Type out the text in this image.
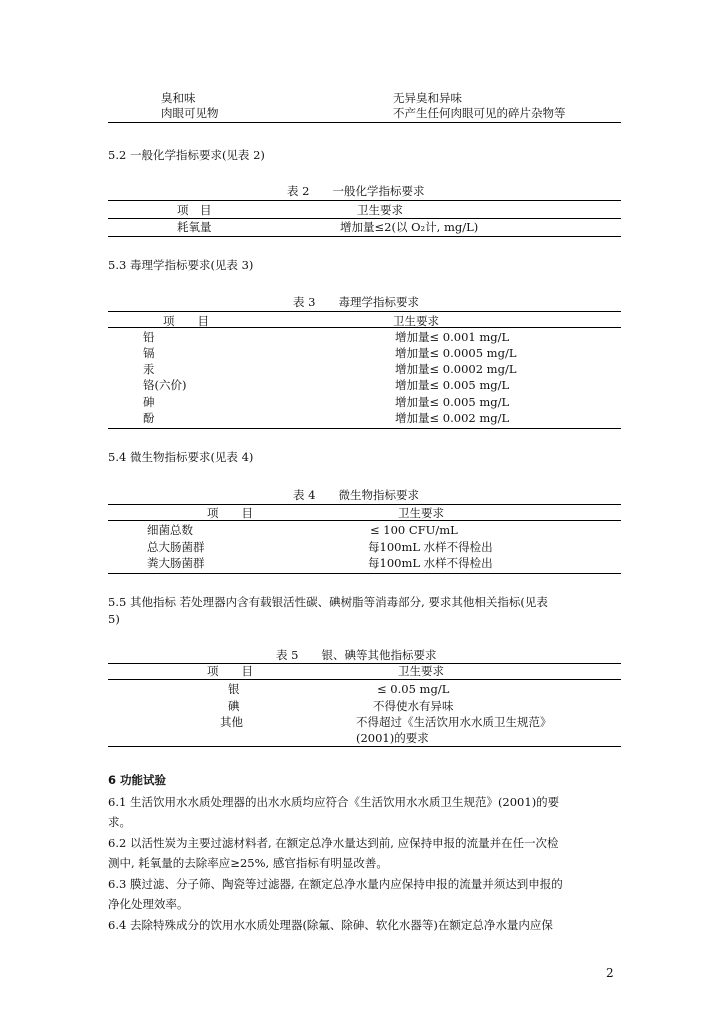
臭和味	无异臭和异味
肉眼可见物	不产生任何肉眼可见的碎片杂物等
5.2 一般化学指标要求(见表 2)
表 2　　一般化学指标要求
项　目	卫生要求
耗氧量	增加量≤2(以 O₂计, mg/L)
5.3 毒理学指标要求(见表 3)
表 3　　毒理学指标要求
项　　目	卫生要求
铅	增加量≤ 0.001 mg/L
镉	增加量≤ 0.0005 mg/L
汞	增加量≤ 0.0002 mg/L
铬(六价)	增加量≤ 0.005 mg/L
砷	增加量≤ 0.005 mg/L
酚	增加量≤ 0.002 mg/L
5.4 微生物指标要求(见表 4)
表 4　　微生物指标要求
项　　目	卫生要求
细菌总数	≤ 100 CFU/mL
总大肠菌群	每100mL 水样不得检出
粪大肠菌群	每100mL 水样不得检出
5.5 其他指标 若处理器内含有载银活性碳、碘树脂等消毒部分, 要求其他相关指标(见表
5)
表 5　　银、碘等其他指标要求
项　　目	卫生要求
银	≤ 0.05 mg/L
碘	不得使水有异味
其他	不得超过《生活饮用水水质卫生规范》
(2001)的要求
6 功能试验
6.1 生活饮用水水质处理器的出水水质均应符合《生活饮用水水质卫生规范》(2001)的要
求。
6.2 以活性炭为主要过滤材料者, 在额定总净水量达到前, 应保持申报的流量并在任一次检
测中, 耗氧量的去除率应≥25%, 感官指标有明显改善。
6.3 膜过滤、分子筛、陶瓷等过滤器, 在额定总净水量内应保持申报的流量并须达到申报的
净化处理效率。
6.4 去除特殊成分的饮用水水质处理器(除氟、除砷、软化水器等)在额定总净水量内应保
2
